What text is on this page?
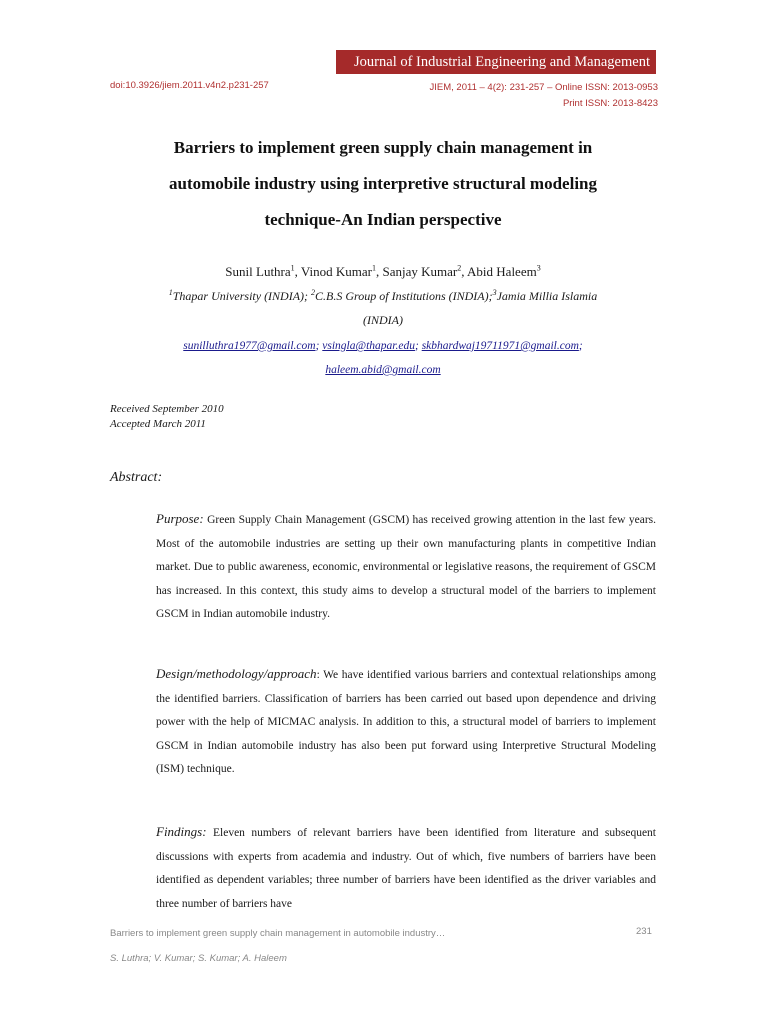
Journal of Industrial Engineering and Management
doi:10.3926/jiem.2011.v4n2.p231-257	JIEM, 2011 – 4(2): 231-257 – Online ISSN: 2013-0953
Print ISSN: 2013-8423
Barriers to implement green supply chain management in
automobile industry using interpretive structural modeling
technique-An Indian perspective
Sunil Luthra$^1$, Vinod Kumar$^1$, Sanjay Kumar$^2$, Abid Haleem$^3$
$^1$Thapar University (INDIA); $^2$C.B.S Group of Institutions (INDIA);$^3$Jamia Millia Islamia
(INDIA)
sunilluthra1977@gmail.com; vsingla@thapar.edu; skbhardwaj19711971@gmail.com;
haleem.abid@gmail.com
Received September 2010
Accepted March 2011
Abstract:
Purpose: Green Supply Chain Management (GSCM) has received growing attention in the last few years. Most of the automobile industries are setting up their own manufacturing plants in competitive Indian market. Due to public awareness, economic, environmental or legislative reasons, the requirement of GSCM has increased. In this context, this study aims to develop a structural model of the barriers to implement GSCM in Indian automobile industry.
Design/methodology/approach: We have identified various barriers and contextual relationships among the identified barriers. Classification of barriers has been carried out based upon dependence and driving power with the help of MICMAC analysis. In addition to this, a structural model of barriers to implement GSCM in Indian automobile industry has also been put forward using Interpretive Structural Modeling (ISM) technique.
Findings: Eleven numbers of relevant barriers have been identified from literature and subsequent discussions with experts from academia and industry. Out of which, five numbers of barriers have been identified as dependent variables; three number of barriers have been identified as the driver variables and three number of barriers have
Barriers to implement green supply chain management in automobile industry…	231
S. Luthra; V. Kumar; S. Kumar; A. Haleem
